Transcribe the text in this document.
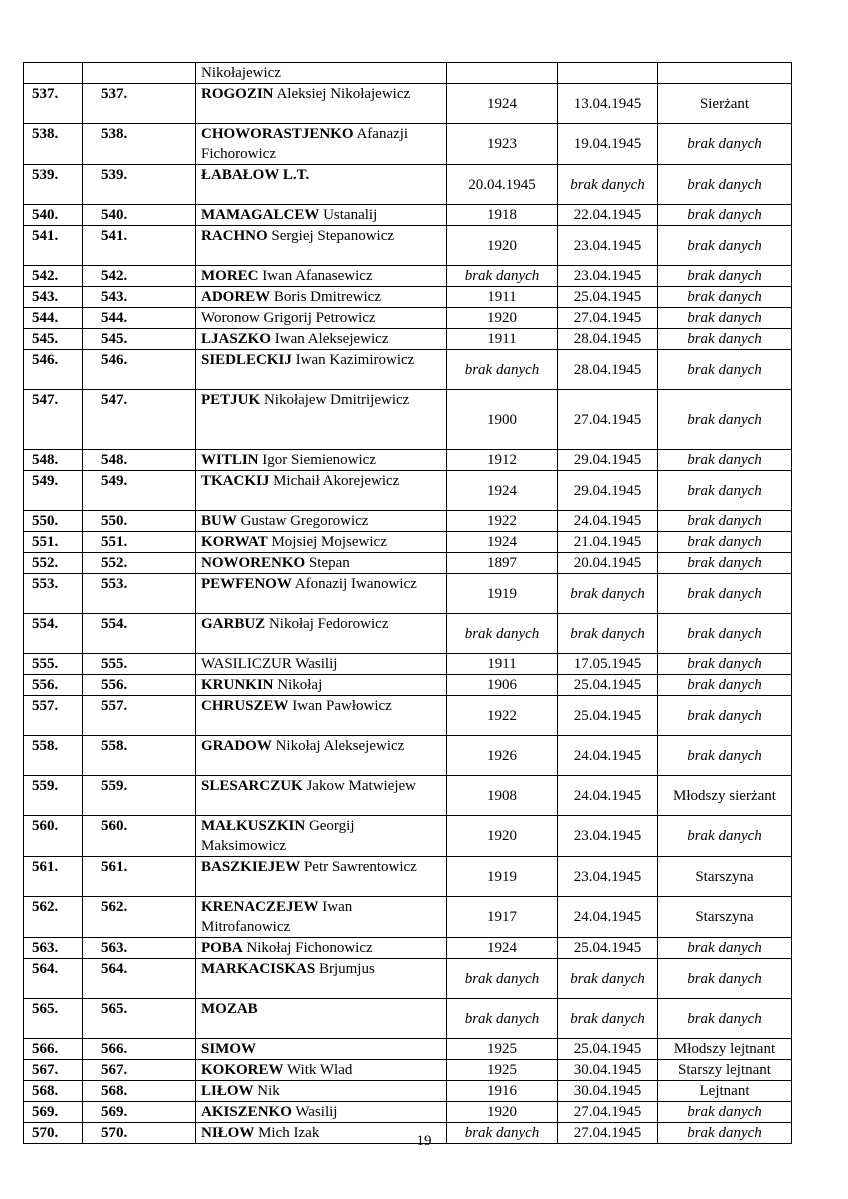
		Nikołajewicz			
537.	537.	ROGOZIN Aleksiej Nikołajewicz	1924	13.04.1945	Sierżant
538.	538.	CHOWORASTJENKO Afanazji Fichorowicz	1923	19.04.1945	brak danych
539.	539.	ŁABAŁOW L.T.	20.04.1945	brak danych	brak danych
540.	540.	MAMAGALCEW Ustanalij	1918	22.04.1945	brak danych
541.	541.	RACHNO Sergiej Stepanowicz	1920	23.04.1945	brak danych
542.	542.	MOREC Iwan Afanasewicz	brak danych	23.04.1945	brak danych
543.	543.	ADOREW Boris Dmitrewicz	1911	25.04.1945	brak danych
544.	544.	Woronow Grigorij Petrowicz	1920	27.04.1945	brak danych
545.	545.	LJASZKO Iwan Aleksejewicz	1911	28.04.1945	brak danych
546.	546.	SIEDLECKIJ Iwan Kazimirowicz	brak danych	28.04.1945	brak danych
547.	547.	PETJUK Nikołajew Dmitrijewicz	1900	27.04.1945	brak danych
548.	548.	WITLIN Igor Siemienowicz	1912	29.04.1945	brak danych
549.	549.	TKACKIJ Michaił Akorejewicz	1924	29.04.1945	brak danych
550.	550.	BUW Gustaw Gregorowicz	1922	24.04.1945	brak danych
551.	551.	KORWAT Mojsiej Mojsewicz	1924	21.04.1945	brak danych
552.	552.	NOWORENKO Stepan	1897	20.04.1945	brak danych
553.	553.	PEWFENOW Afonazij Iwanowicz	1919	brak danych	brak danych
554.	554.	GARBUZ Nikołaj Fedorowicz	brak danych	brak danych	brak danych
555.	555.	WASILICZUR Wasilij	1911	17.05.1945	brak danych
556.	556.	KRUNKIN Nikołaj	1906	25.04.1945	brak danych
557.	557.	CHRUSZEW Iwan Pawłowicz	1922	25.04.1945	brak danych
558.	558.	GRADOW Nikołaj Aleksejewicz	1926	24.04.1945	brak danych
559.	559.	SLESARCZUK Jakow Matwiejew	1908	24.04.1945	Młodszy sierżant
560.	560.	MAŁKUSZKIN Georgij Maksimowicz	1920	23.04.1945	brak danych
561.	561.	BASZKIEJEW Petr Sawrentowicz	1919	23.04.1945	Starszyna
562.	562.	KRENACZEJEW Iwan Mitrofanowicz	1917	24.04.1945	Starszyna
563.	563.	POBA Nikołaj Fichonowicz	1924	25.04.1945	brak danych
564.	564.	MARKACISKAS Brjumjus	brak danych	brak danych	brak danych
565.	565.	MOZAB	brak danych	brak danych	brak danych
566.	566.	SIMOW	1925	25.04.1945	Młodszy lejtnant
567.	567.	KOKOREW Witk Wlad	1925	30.04.1945	Starszy lejtnant
568.	568.	LIŁOW Nik	1916	30.04.1945	Lejtnant
569.	569.	AKISZENKO Wasilij	1920	27.04.1945	brak danych
570.	570.	NIŁOW Mich Izak	brak danych	27.04.1945	brak danych
19
